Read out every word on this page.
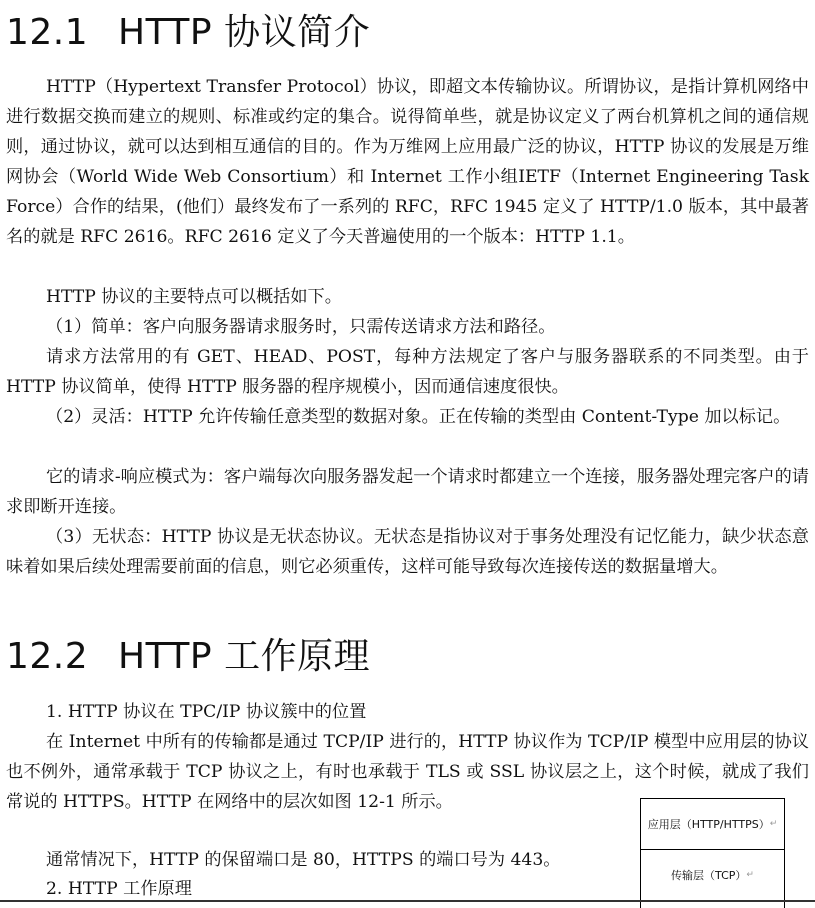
12.1 HTTP 协议简介

HTTP（Hypertext Transfer Protocol）协议，即超文本传输协议。所谓协议，是指计算机网络中进行数据交换而建立的规则、标准或约定的集合。说得简单些，就是协议定义了两台机算机之间的通信规则，通过协议，就可以达到相互通信的目的。作为万维网上应用最广泛的协议，HTTP 协议的发展是万维网协会（World Wide Web Consortium）和 Internet 工作小组IETF（Internet Engineering Task Force）合作的结果，(他们）最终发布了一系列的 RFC，RFC 1945 定义了 HTTP/1.0 版本，其中最著名的就是 RFC 2616。RFC 2616 定义了今天普遍使用的一个版本：HTTP 1.1。

HTTP 协议的主要特点可以概括如下。

（1）简单：客户向服务器请求服务时，只需传送请求方法和路径。

请求方法常用的有 GET、HEAD、POST，每种方法规定了客户与服务器联系的不同类型。由于 HTTP 协议简单，使得 HTTP 服务器的程序规模小，因而通信速度很快。

（2）灵活：HTTP 允许传输任意类型的数据对象。正在传输的类型由 Content-Type 加以标记。

它的请求-响应模式为：客户端每次向服务器发起一个请求时都建立一个连接，服务器处理完客户的请求即断开连接。

（3）无状态：HTTP 协议是无状态协议。无状态是指协议对于事务处理没有记忆能力，缺少状态意味着如果后续处理需要前面的信息，则它必须重传，这样可能导致每次连接传送的数据量增大。

12.2 HTTP 工作原理
1. HTTP 协议在 TPC/IP 协议簇中的位置

在 Internet 中所有的传输都是通过 TCP/IP 进行的，HTTP 协议作为 TCP/IP 模型中应用层的协议也不例外，通常承载于 TCP 协议之上，有时也承载于 TLS 或 SSL 协议层之上，这个时候，就成了我们常说的 HTTPS。HTTP 在网络中的层次如图 12-1 所示。

通常情况下，HTTP 的保留端口是 80，HTTPS 的端口号为 443。
2. HTTP 工作原理
应用层（HTTP/HTTPS） ↵
传输层（TCP） ↵
